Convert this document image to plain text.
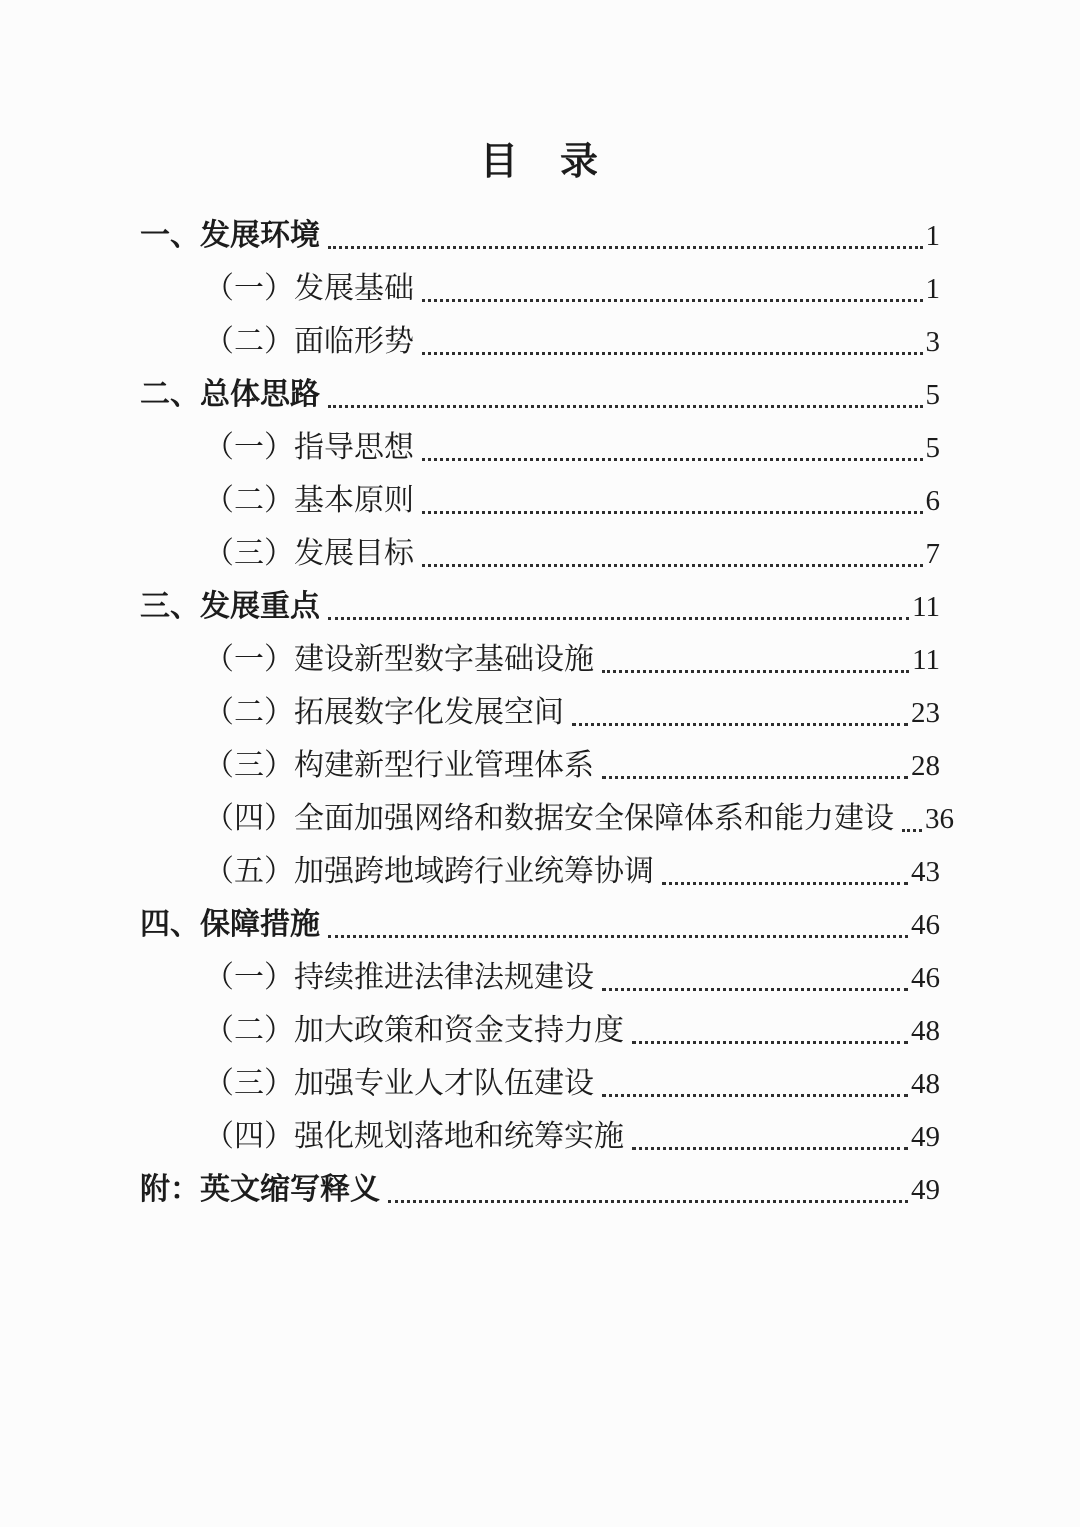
目　录
一、发展环境	1
（一）发展基础	1
（二）面临形势	3
二、总体思路	5
（一）指导思想	5
（二）基本原则	6
（三）发展目标	7
三、发展重点	11
（一）建设新型数字基础设施	11
（二）拓展数字化发展空间	23
（三）构建新型行业管理体系	28
（四）全面加强网络和数据安全保障体系和能力建设 36
（五）加强跨地域跨行业统筹协调	43
四、保障措施	46
（一）持续推进法律法规建设	46
（二）加大政策和资金支持力度	48
（三）加强专业人才队伍建设	48
（四）强化规划落地和统筹实施	49
附：英文缩写释义	49
